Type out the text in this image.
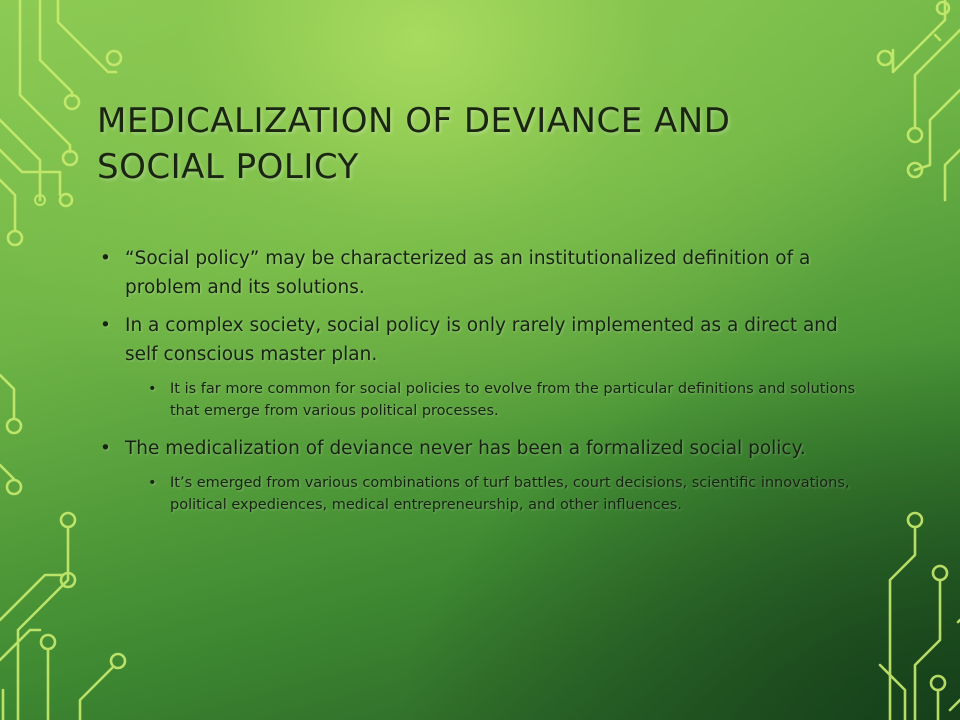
MEDICALIZATION OF DEVIANCE AND SOCIAL POLICY
• “Social policy” may be characterized as an institutionalized definition of a problem and its solutions.
• In a complex society, social policy is only rarely implemented as a direct and self conscious master plan.
• It is far more common for social policies to evolve from the particular definitions and solutions that emerge from various political processes.
• The medicalization of deviance never has been a formalized social policy.
• It’s emerged from various combinations of turf battles, court decisions, scientific innovations, political expediences, medical entrepreneurship, and other influences.
